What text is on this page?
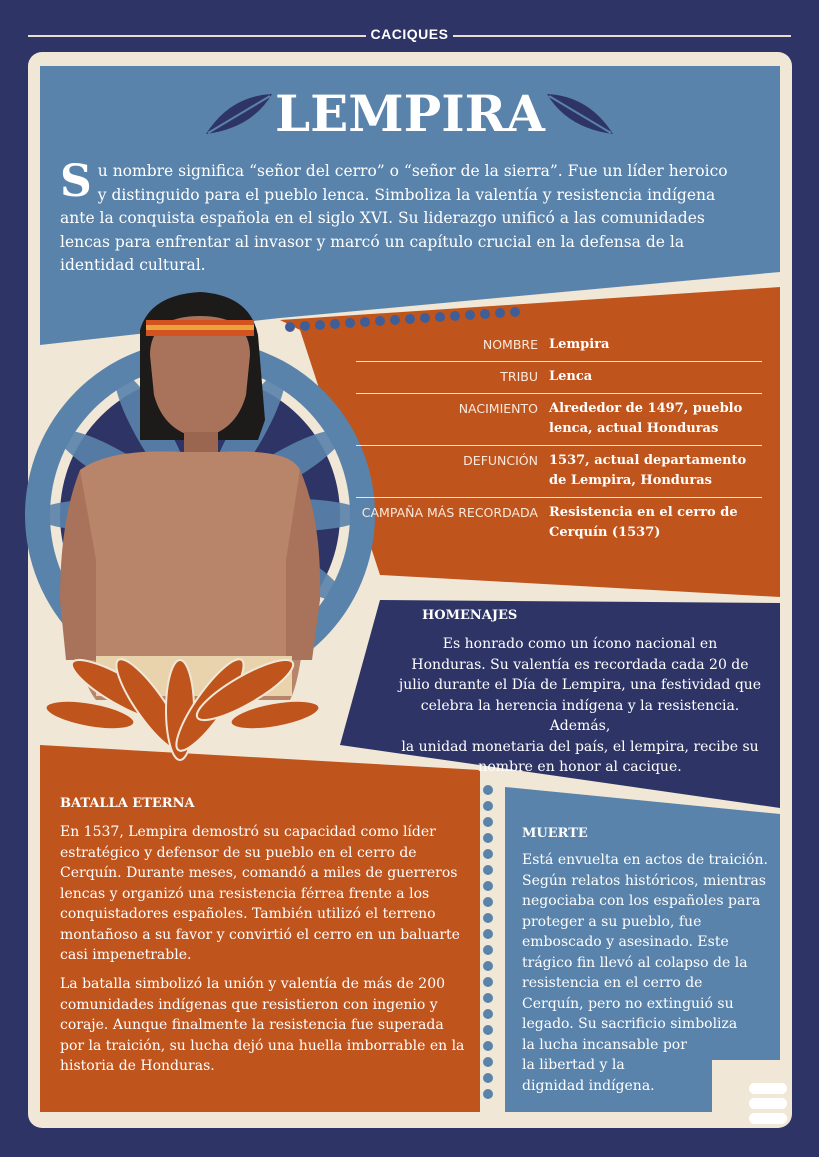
CACIQUES
LEMPIRA
Su nombre significa “señor del cerro” o “señor de la sierra”. Fue un líder heroico y distinguido para el pueblo lenca. Simboliza la valentía y resistencia indígena ante la conquista española en el siglo XVI. Su liderazgo unificó a las comunidades lencas para enfrentar al invasor y marcó un capítulo crucial en la defensa de la identidad cultural.
NOMBRE Lempira
TRIBU Lenca
NACIMIENTO Alrededor de 1497, pueblo lenca, actual Honduras
DEFUNCIÓN 1537, actual departamento de Lempira, Honduras
CAMPAÑA MÁS RECORDADA Resistencia en el cerro de Cerquín (1537)
HOMENAJES
Es honrado como un ícono nacional en
Honduras. Su valentía es recordada cada 20 de
julio durante el Día de Lempira, una festividad que
celebra la herencia indígena y la resistencia. Además,
la unidad monetaria del país, el lempira, recibe su
nombre en honor al cacique.
BATALLA ETERNA
En 1537, Lempira demostró su capacidad como líder estratégico y defensor de su pueblo en el cerro de Cerquín. Durante meses, comandó a miles de guerreros lencas y organizó una resistencia férrea frente a los conquistadores españoles. También utilizó el terreno montañoso a su favor y convirtió el cerro en un baluarte casi impenetrable.
La batalla simbolizó la unión y valentía de más de 200 comunidades indígenas que resistieron con ingenio y coraje. Aunque finalmente la resistencia fue superada por la traición, su lucha dejó una huella imborrable en la historia de Honduras.
MUERTE
Está envuelta en actos de traición.
Según relatos históricos, mientras
negociaba con los españoles para
proteger a su pueblo, fue
emboscado y asesinado. Este
trágico fin llevó al colapso de la
resistencia en el cerro de
Cerquín, pero no extinguió su
legado. Su sacrificio simboliza
la lucha incansable por
la libertad y la
dignidad indígena.
